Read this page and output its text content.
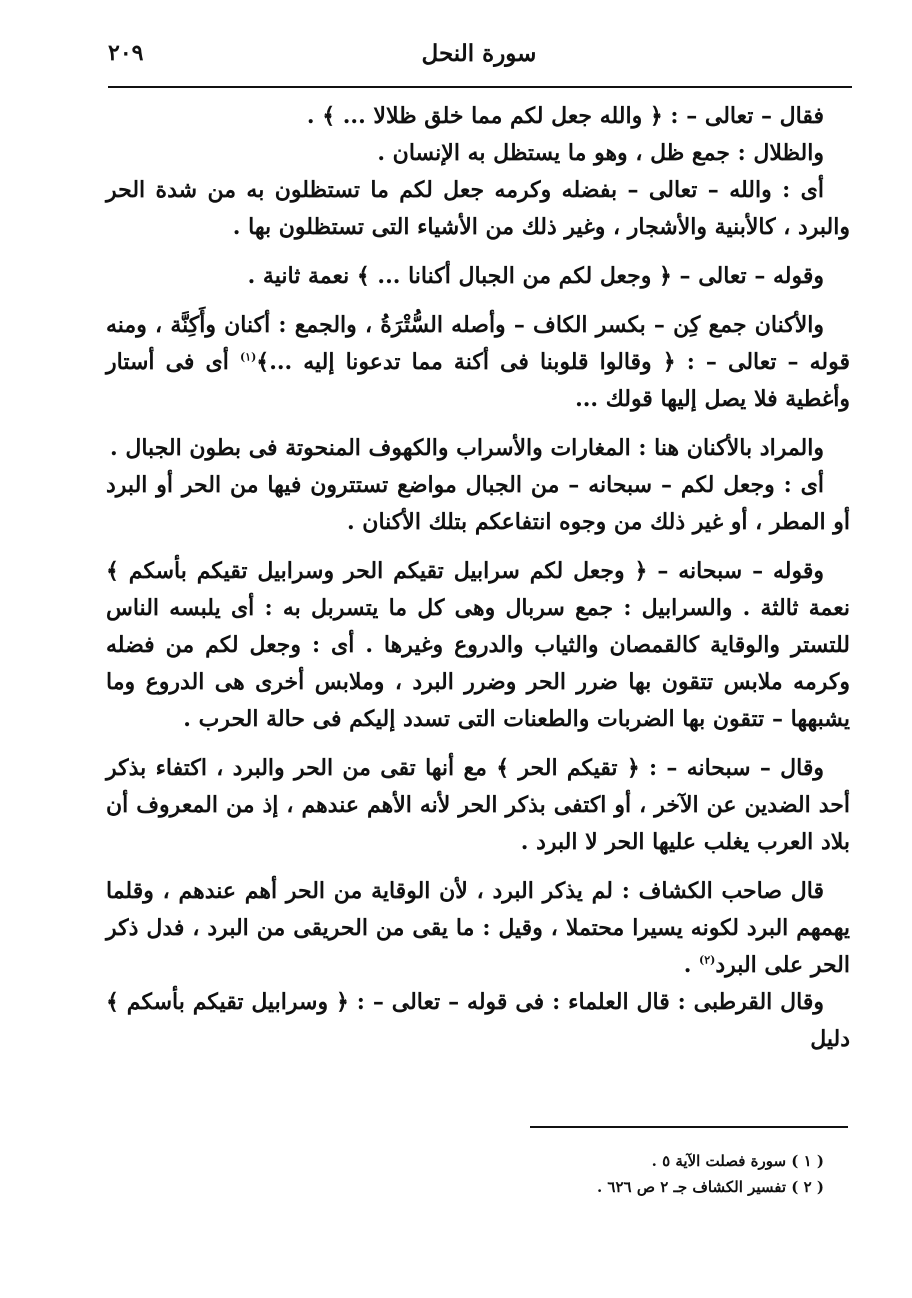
سورة النحل
٢٠٩

فقال – تعالى – : ﴿ والله جعل لكم مما خلق ظلالا ... ﴾ .

والظلال : جمع ظل ، وهو ما يستظل به الإنسان .

أى : والله – تعالى – بفضله وكرمه جعل لكم ما تستظلون به من شدة الحر والبرد ، كالأبنية والأشجار ، وغير ذلك من الأشياء التى تستظلون بها .

وقوله – تعالى – ﴿ وجعل لكم من الجبال أكنانا ... ﴾ نعمة ثانية .

والأكنان جمع كِن – بكسر الكاف – وأصله السُّتْرَةُ ، والجمع : أكنان وأَكِنَّة ، ومنه قوله – تعالى – : ﴿ وقالوا قلوبنا فى أكنة مما تدعونا إليه ...﴾$^{(١)}$ أى فى أستار وأغطية فلا يصل إليها قولك ...

والمراد بالأكنان هنا : المغارات والأسراب والكهوف المنحوتة فى بطون الجبال .

أى : وجعل لكم – سبحانه – من الجبال مواضع تستترون فيها من الحر أو البرد أو المطر ، أو غير ذلك من وجوه انتفاعكم بتلك الأكنان .

وقوله – سبحانه – ﴿ وجعل لكم سرابيل تقيكم الحر وسرابيل تقيكم بأسكم ﴾ نعمة ثالثة . والسرابيل : جمع سربال وهى كل ما يتسربل به : أى يلبسه الناس للتستر والوقاية كالقمصان والثياب والدروع وغيرها . أى : وجعل لكم من فضله وكرمه ملابس تتقون بها ضرر الحر وضرر البرد ، وملابس أخرى هى الدروع وما يشبهها – تتقون بها الضربات والطعنات التى تسدد إليكم فى حالة الحرب .

وقال – سبحانه – : ﴿ تقيكم الحر ﴾ مع أنها تقى من الحر والبرد ، اكتفاء بذكر أحد الضدين عن الآخر ، أو اكتفى بذكر الحر لأنه الأهم عندهم ، إذ من المعروف أن بلاد العرب يغلب عليها الحر لا البرد .

قال صاحب الكشاف : لم يذكر البرد ، لأن الوقاية من الحر أهم عندهم ، وقلما يهمهم البرد لكونه يسيرا محتملا ، وقيل : ما يقى من الحريقى من البرد ، فدل ذكر الحر على البرد$^{(٢)}$ .

وقال القرطبى : قال العلماء : فى قوله – تعالى – : ﴿ وسرابيل تقيكم بأسكم ﴾ دليل

( ١ ) سورة فصلت الآية ٥ .
( ٢ ) تفسير الكشاف جـ ٢ ص ٦٢٦ .
